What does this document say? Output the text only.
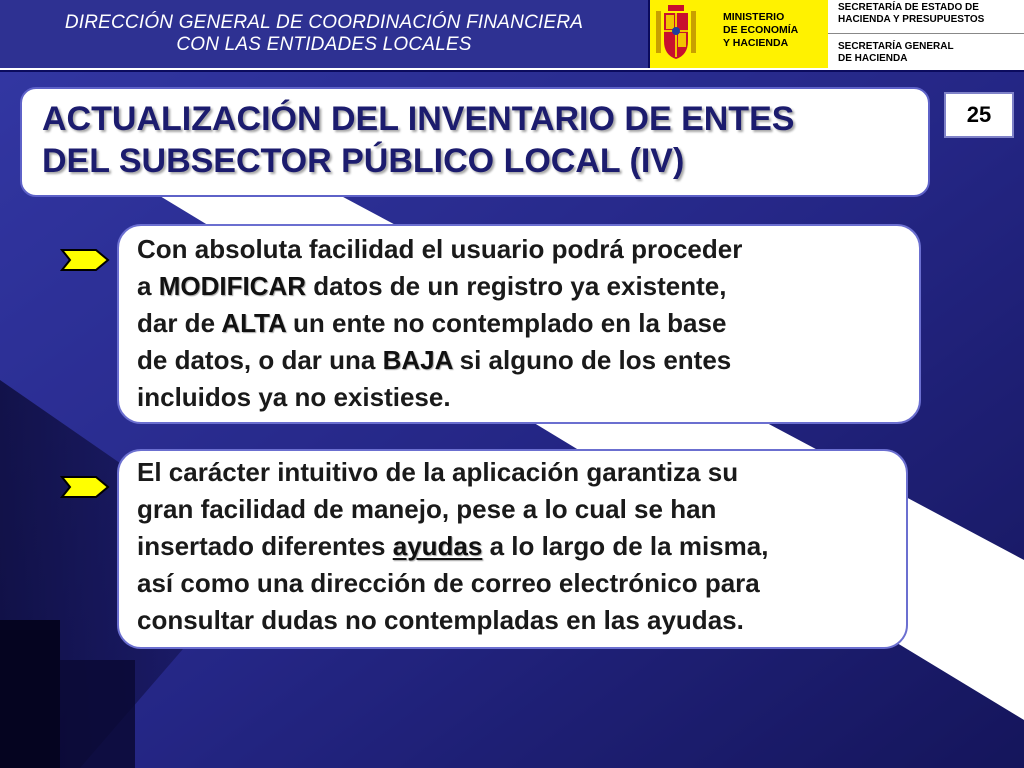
DIRECCIÓN GENERAL DE COORDINACIÓN FINANCIERA
CON LAS ENTIDADES LOCALES
MINISTERIO
DE ECONOMÍA
Y HACIENDA
SECRETARÍA DE ESTADO DE
HACIENDA Y PRESUPUESTOS
SECRETARÍA GENERAL
DE HACIENDA
ACTUALIZACIÓN DEL INVENTARIO DE ENTES
DEL SUBSECTOR PÚBLICO LOCAL (IV)
25
Con absoluta facilidad el usuario podrá proceder
a MODIFICAR datos de un registro ya existente,
dar de ALTA un ente no contemplado en la base
de datos, o dar una BAJA si alguno de los entes
incluidos ya no existiese.
El carácter intuitivo de la aplicación garantiza su
gran facilidad de manejo, pese a lo cual se han
insertado diferentes ayudas a lo largo de la misma,
así como una dirección de correo electrónico para
consultar dudas no contempladas en las ayudas.
